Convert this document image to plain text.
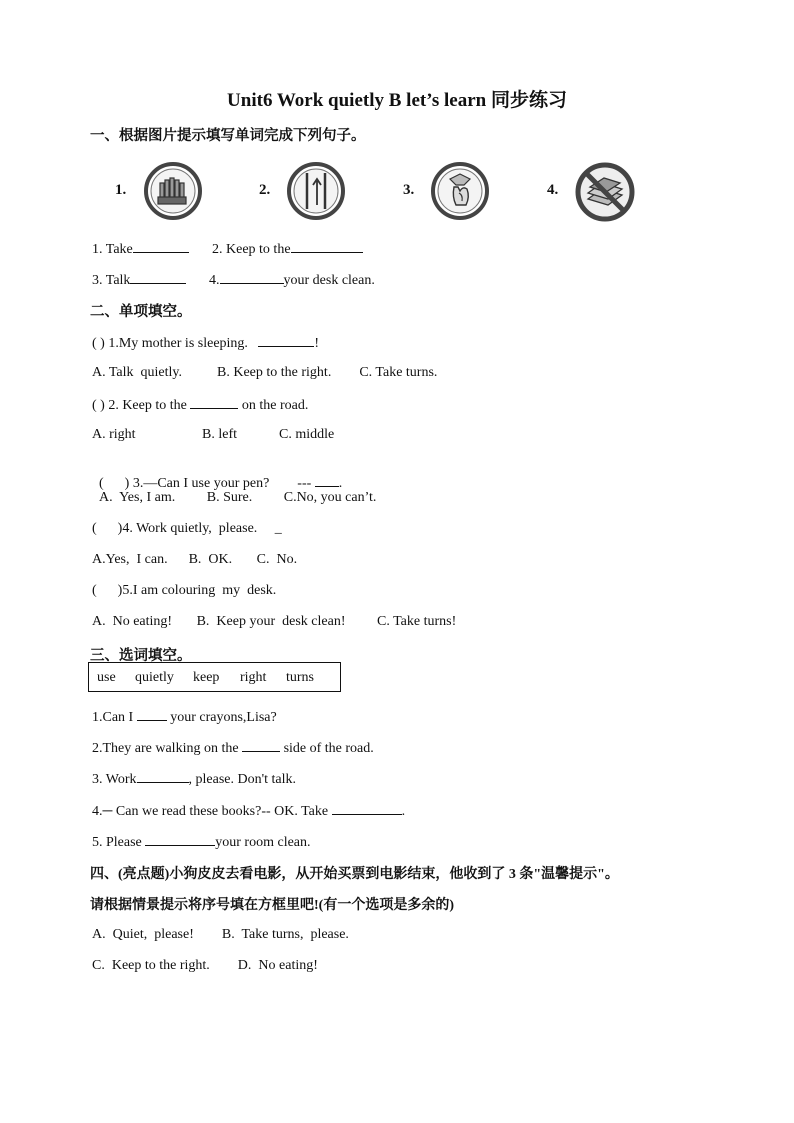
Unit6 Work quietly B let’s learn 同步练习
一、根据图片提示填写单词完成下列句子。
1.	2.	3.	4.
1. Take	2. Keep to the
3. Talk	4.	your desk clean.
二、单项填空。
( ) 1.My mother is sleeping.	!
A. Talk  quietly.          B. Keep to the right.        C. Take turns.
( ) 2. Keep to the	on the road.
A. right                   B. left            C. middle

(      ) 3.—Can I use your pen?        --- .

A.  Yes, I am.         B. Sure.         C.No, you can’t.
(      )4. Work quietly,  please.     _
A.Yes,  I can.      B.  OK.       C.  No.
(      )5.I am colouring  my  desk.
A.  No eating!       B.  Keep your  desk clean!         C. Take turns!
三、选词填空。
use quietly keep right turns
1.Can I	your crayons,Lisa?
2.They are walking on the	side of the road.
3. Work	, please. Don't talk.
4.─ Can we read these books?-- OK. Take	.
5. Please	your room clean.
四、(亮点题)小狗皮皮去看电影，从开始买票到电影结束，他收到了 3 条"温馨提示"。
请根据情景提示将序号填在方框里吧!(有一个选项是多余的)
A.  Quiet,  please!        B.  Take turns,  please.
C.  Keep to the right.        D.  No eating!
